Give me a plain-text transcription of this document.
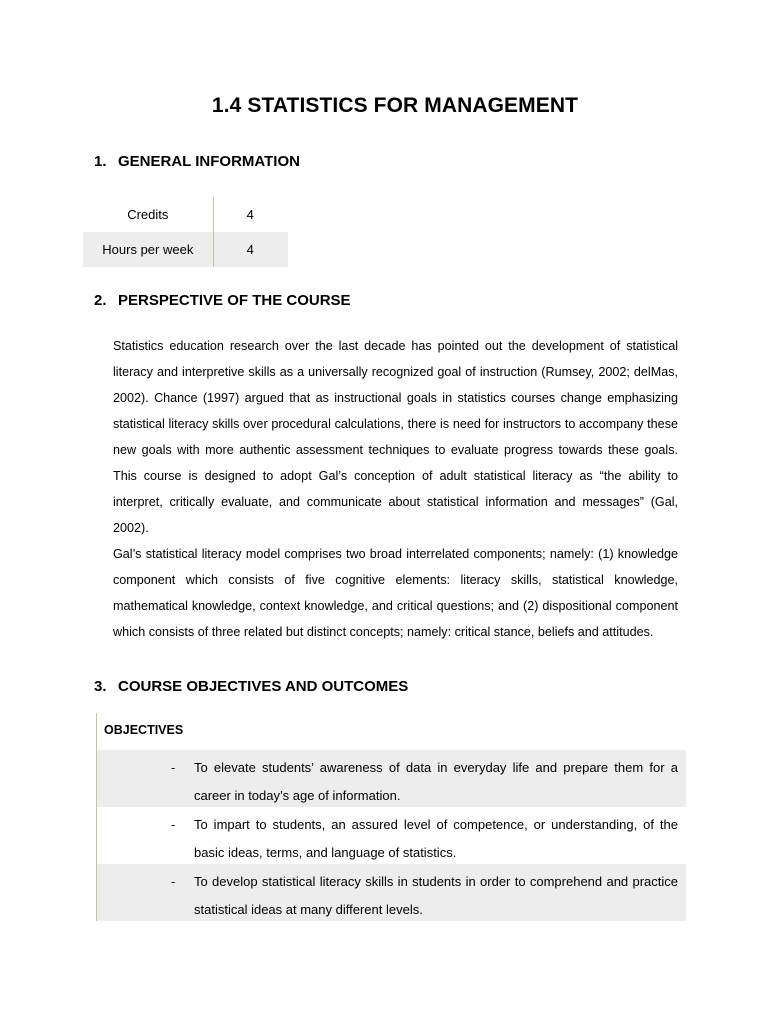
1.4 STATISTICS FOR MANAGEMENT
1. GENERAL INFORMATION
Credits	4
Hours per week	4
2. PERSPECTIVE OF THE COURSE

Statistics education research over the last decade has pointed out the development of statistical literacy and interpretive skills as a universally recognized goal of instruction (Rumsey, 2002; delMas, 2002). Chance (1997) argued that as instructional goals in statistics courses change emphasizing statistical literacy skills over procedural calculations, there is need for instructors to accompany these new goals with more authentic assessment techniques to evaluate progress towards these goals. This course is designed to adopt Gal’s conception of adult statistical literacy as “the ability to interpret, critically evaluate, and communicate about statistical information and messages” (Gal, 2002).

Gal’s statistical literacy model comprises two broad interrelated components; namely: (1) knowledge component which consists of five cognitive elements: literacy skills, statistical knowledge, mathematical knowledge, context knowledge, and critical questions; and (2) dispositional component which consists of three related but distinct concepts; namely: critical stance, beliefs and attitudes.

3. COURSE OBJECTIVES AND OUTCOMES
OBJECTIVES
- To elevate students’ awareness of data in everyday life and prepare them for a career in today’s age of information.
- To impart to students, an assured level of competence, or understanding, of the basic ideas, terms, and language of statistics.
- To develop statistical literacy skills in students in order to comprehend and practice statistical ideas at many different levels.
